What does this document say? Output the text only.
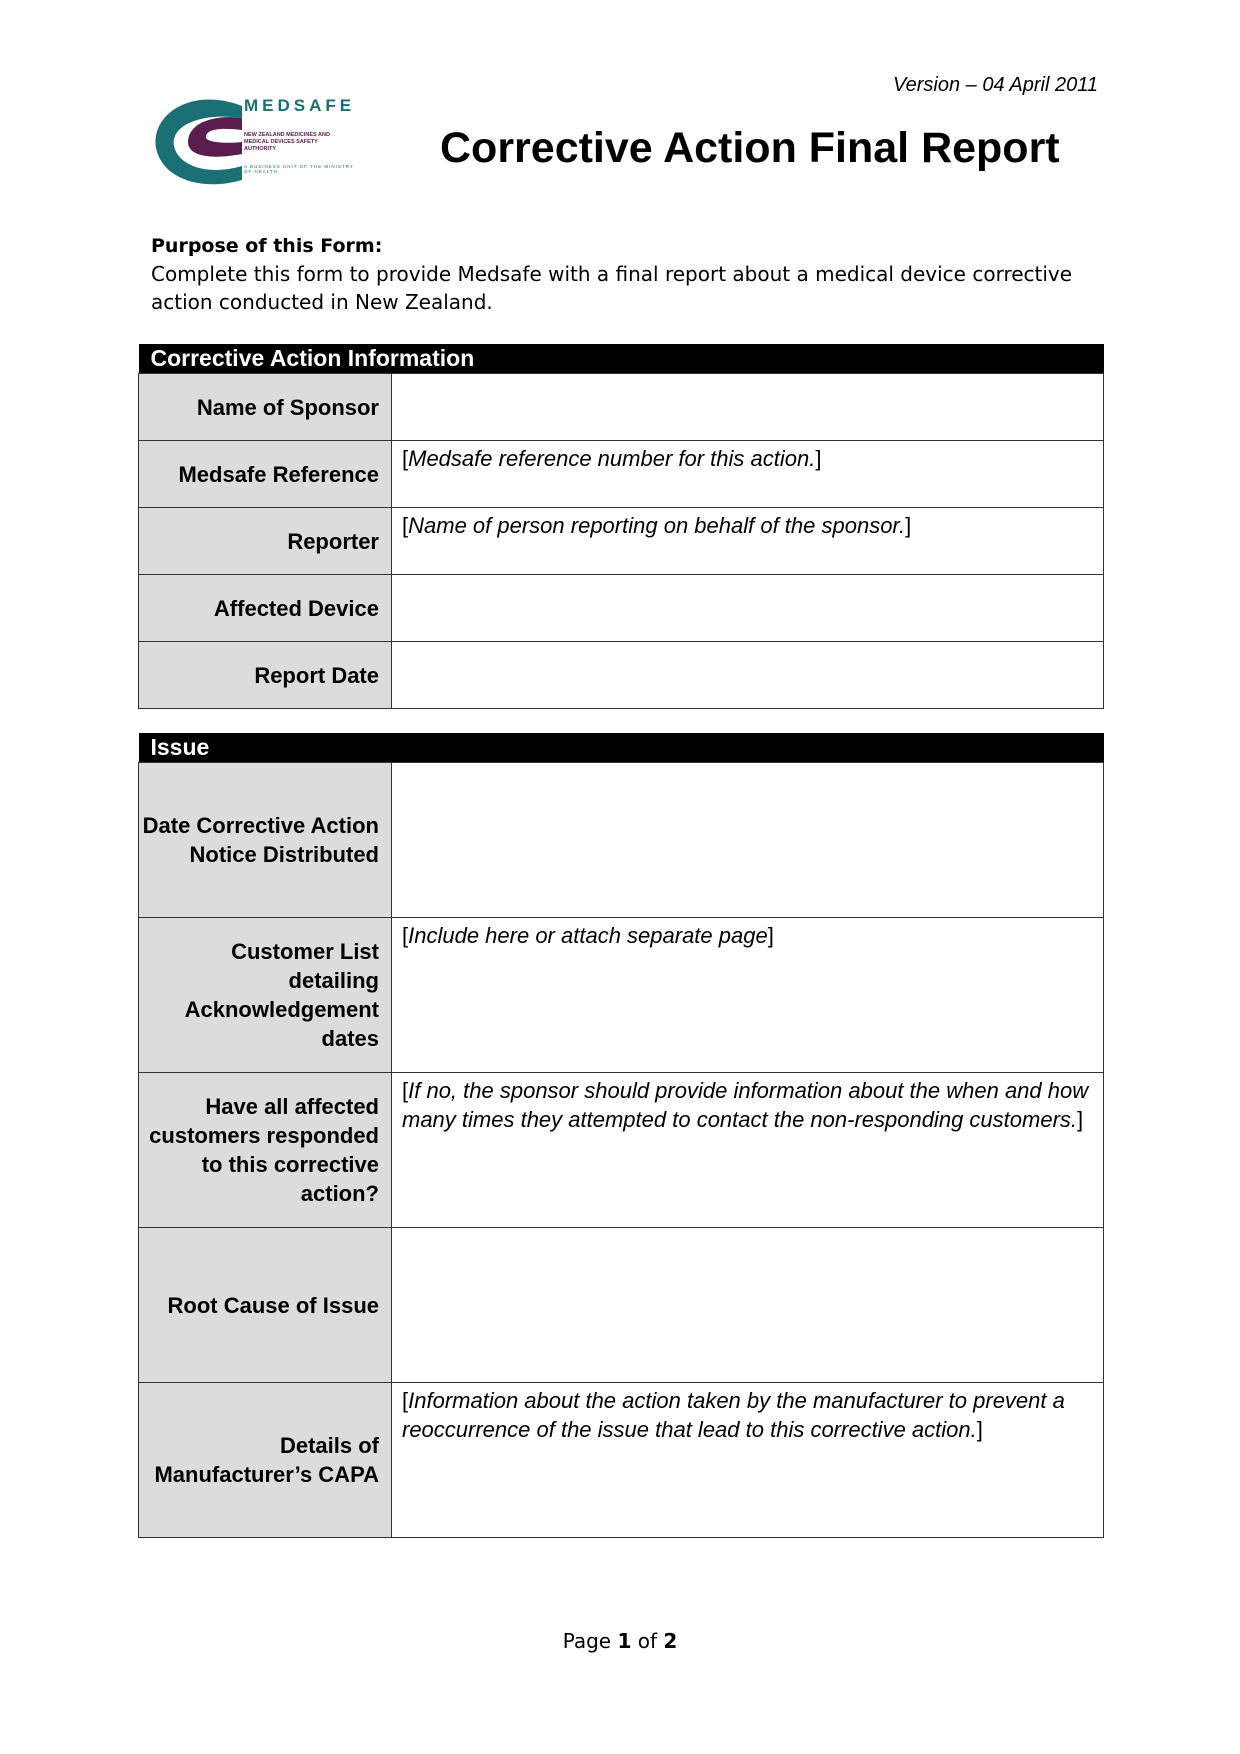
Version – 04 April 2011
MEDSAFE
NEW ZEALAND MEDICINES AND MEDICAL DEVICES SAFETY AUTHORITY
A BUSINESS UNIT OF THE MINISTRY OF HEALTH	Corrective Action Final Report
Purpose of this Form:
Complete this form to provide Medsafe with a final report about a medical device corrective action conducted in New Zealand.
Corrective Action Information	
Name of Sponsor	
Medsafe Reference	[Medsafe reference number for this action.]
Reporter	[Name of person reporting on behalf of the sponsor.]
Affected Device	
Report Date	
Issue	
Date Corrective Action Notice Distributed	
Customer List detailing Acknowledgement dates	[Include here or attach separate page]
Have all affected customers responded to this corrective action?	[If no, the sponsor should provide information about the when and how many times they attempted to contact the non-responding customers.]
Root Cause of Issue	
Details of Manufacturer’s CAPA	[Information about the action taken by the manufacturer to prevent a reoccurrence of the issue that lead to this corrective action.]
Page 1 of 2
